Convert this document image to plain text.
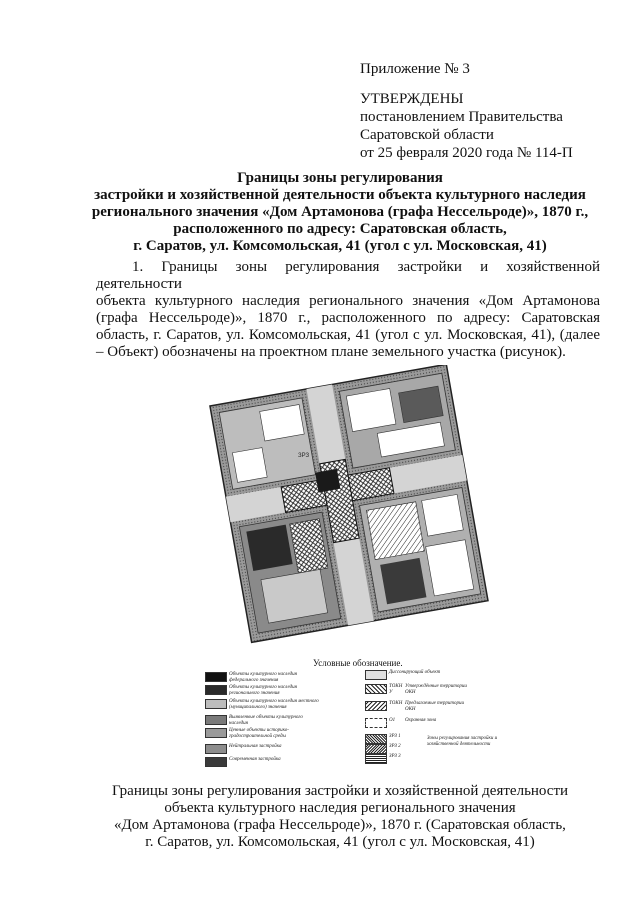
Приложение № 3
УТВЕРЖДЕНЫ
постановлением Правительства
Саратовской области
от 25 февраля 2020 года № 114-П
Границы зоны регулирования
застройки и хозяйственной деятельности объекта культурного наследия
регионального значения «Дом Артамонова (графа Нессельроде)», 1870 г.,
расположенного по адресу: Саратовская область,
г. Саратов, ул. Комсомольская, 41 (угол с ул. Московская, 41)
1. Границы зоны регулирования застройки и хозяйственной деятельности
объекта культурного наследия регионального значения «Дом Артамонова (графа Нессельроде)», 1870 г., расположенного по адресу: Саратовская область, г. Саратов, ул. Комсомольская, 41 (угол с ул. Московская, 41), (далее – Объект) обозначены на проектном плане земельного участка (рисунок).
ЗРЗ
Условные обозначение.
Объекты культурного наследия федерального значения
Объекты культурного наследия регионального значения
Объекты культурного наследия местного (муниципального) значения
Выявленные объекты культурного наследия
Ценные объекты историко-градостроительной среды
Нейтральная застройка
Современная застройка
Диссонирующий объект
ТОКН У
Утверждённые территории ОКН
ТОКН Предлагаемые территории ОКН
О1	Охранная зона
ЗРЗ 1
ЗРЗ 2
ЗРЗ 3
Зоны регулирования застройки и хозяйственной деятельности
Границы зоны регулирования застройки и хозяйственной деятельности
объекта культурного наследия регионального значения
«Дом Артамонова (графа Нессельроде)», 1870 г. (Саратовская область,
г. Саратов, ул. Комсомольская, 41 (угол с ул. Московская, 41)
